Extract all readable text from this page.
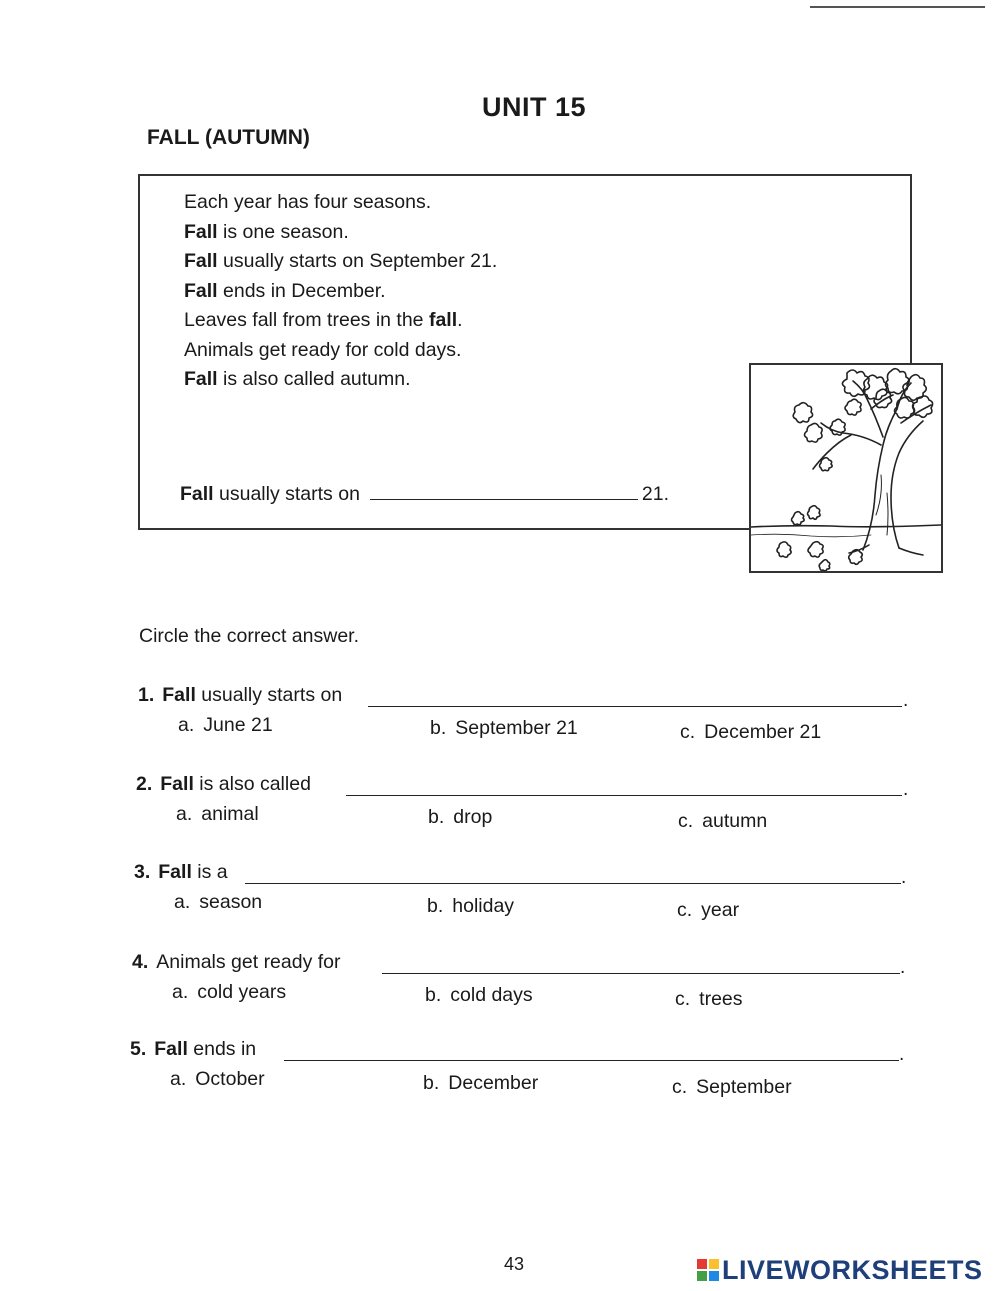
UNIT 15
FALL (AUTUMN)
Each year has four seasons.
Fall is one season.
Fall usually starts on September 21.
Fall ends in December.
Leaves fall from trees in the fall.
Animals get ready for cold days.
Fall is also called autumn.
Fall usually starts on	21.
Circle the correct answer.
1. Fall usually starts on	.
a. June 21	b. September 21	c. December 21
2. Fall is also called	.
a. animal	b. drop	c. autumn
3. Fall is a	.
a. season	b. holiday	c. year
4. Animals get ready for	.
a. cold years	b. cold days	c. trees
5. Fall ends in	.
a. October	b. December	c. September
43	LIVEWORKSHEETS
